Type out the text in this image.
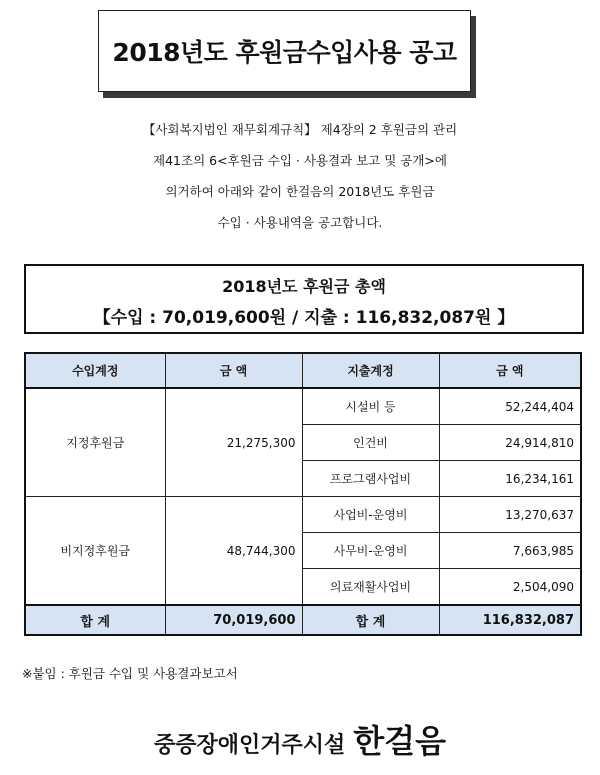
2018년도 후원금수입사용 공고

【사회복지법인 재무회계규칙】 제4장의 2 후원금의 관리

제41조의 6<후원금 수입 · 사용결과 보고 및 공개>에

의거하여 아래와 같이 한걸음의 2018년도 후원금

수입 · 사용내역을 공고합니다.

2018년도 후원금 총액
【수입 : 70,019,600원 / 지출 : 116,832,087원 】
수입계정	금 액	지출계정	금 액
지정후원금	21,275,300	시설비 등	52,244,404
		인건비	24,914,810
		프로그램사업비	16,234,161
비지정후원금	48,744,300	사업비-운영비	13,270,637
		사무비-운영비	7,663,985
		의료재활사업비	2,504,090
합 계	70,019,600	합 계	116,832,087
※붙임 : 후원금 수입 및 사용결과보고서
중증장애인거주시설 한걸음
